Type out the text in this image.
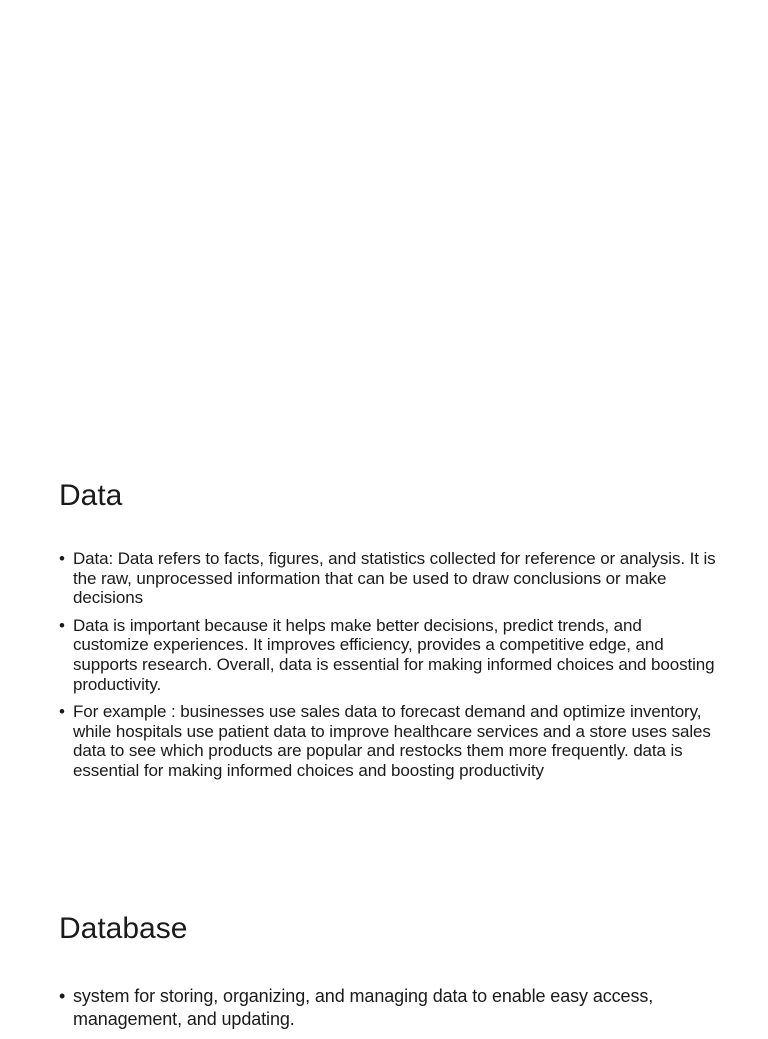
Data
• Data: Data refers to facts, figures, and statistics collected for reference or analysis. It is the raw, unprocessed information that can be used to draw conclusions or make decisions
• Data is important because it helps make better decisions, predict trends, and customize experiences. It improves efficiency, provides a competitive edge, and supports research. Overall, data is essential for making informed choices and boosting productivity.
• For example : businesses use sales data to forecast demand and optimize inventory, while hospitals use patient data to improve healthcare services and a store uses sales data to see which products are popular and restocks them more frequently. data is essential for making informed choices and boosting productivity
Database
• system for storing, organizing, and managing data to enable easy access, management, and updating.
